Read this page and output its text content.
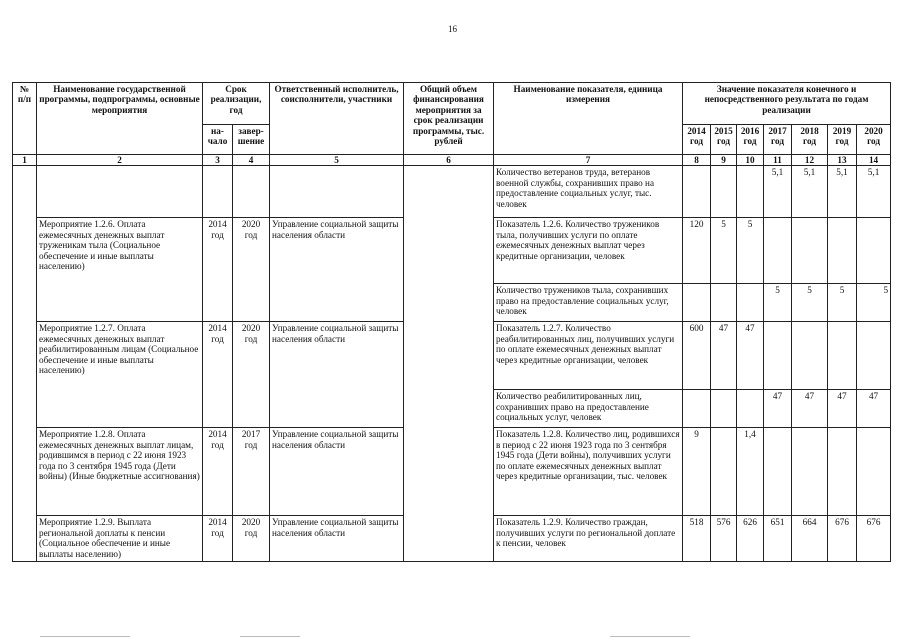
16
№ п/п	Наименование государственной программы, подпрограммы, основные мероприятия	Срок реализации, год		Ответственный исполнитель, соисполнители, участники	Общий объем финансирования мероприятия за срок реализации программы, тыс. рублей	Наименование показателя, единица измерения	Значение показателя конечного и непосредственного результата по годам реализации						
		на-чало	завер-шение				2014 год	2015 год	2016 год	2017 год	2018 год	2019 год	2020 год
1	2	3	4	5	6	7	8	9	10	11	12	13	14
						Количество ветеранов труда, ветеранов военной службы, сохранивших право на предоставление социальных услуг, тыс. человек				5,1	5,1	5,1	5,1
	Мероприятие 1.2.6. Оплата ежемесячных денежных выплат труженикам тыла (Социальное обеспечение и иные выплаты населению)	2014 год	2020 год	Управление социальной защиты населения области		Показатель 1.2.6. Количество тружеников тыла, получивших услуги по оплате ежемесячных денежных выплат через кредитные организации, человек	120	5	5				
						Количество тружеников тыла, сохранивших право на предоставление социальных услуг, человек				5	5	5	5
	Мероприятие 1.2.7. Оплата ежемесячных денежных выплат реабилитированным лицам (Социальное обеспечение и иные выплаты населению)	2014 год	2020 год	Управление социальной защиты населения области		Показатель 1.2.7. Количество реабилитированных лиц, получивших услуги по оплате ежемесячных денежных выплат через кредитные организации, человек	600	47	47				
						Количество реабилитированных лиц, сохранивших право на предоставление социальных услуг, человек				47	47	47	47
	Мероприятие 1.2.8. Оплата ежемесячных денежных выплат лицам, родившимся в период с 22 июня 1923 года по 3 сентября 1945 года (Дети войны) (Иные бюджетные ассигнования)	2014 год	2017 год	Управление социальной защиты населения области		Показатель 1.2.8. Количество лиц, родившихся в период с 22 июня 1923 года по 3 сентября 1945 года (Дети войны), получивших услуги по оплате ежемесячных денежных выплат через кредитные организации, тыс. человек	9		1,4				
	Мероприятие 1.2.9. Выплата региональной доплаты к пенсии (Социальное обеспечение и иные выплаты населению)	2014 год	2020 год	Управление социальной защиты населения области		Показатель 1.2.9. Количество граждан, получивших услуги по региональной доплате к пенсии, человек	518	576	626	651	664	676	676
